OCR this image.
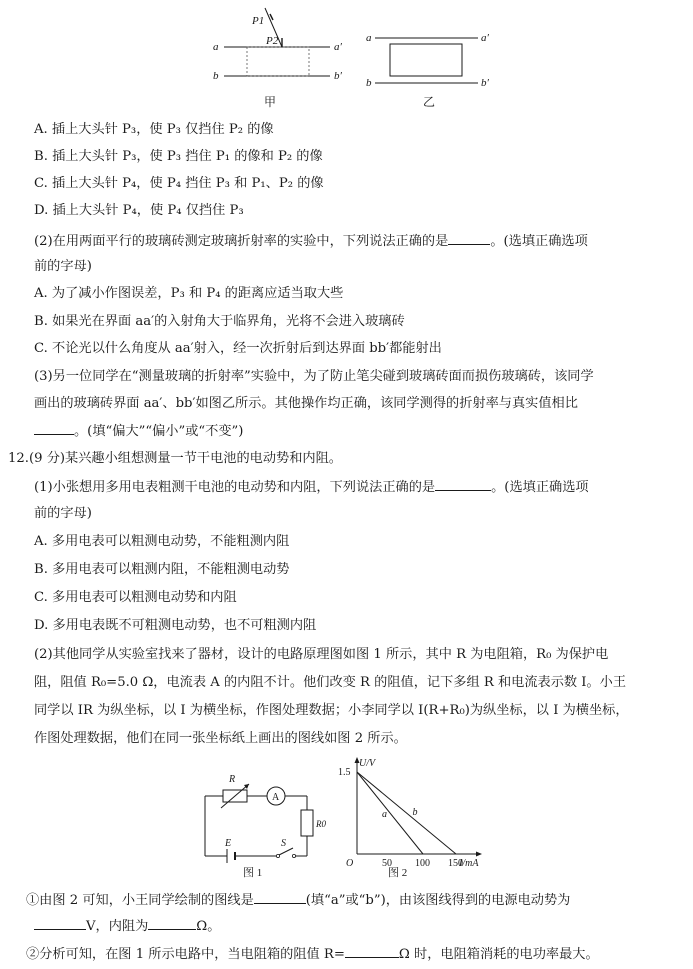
P1
P2
a	a′
b	b′
甲
a	a′
b	b′
乙
A. 插上大头针 P₃，使 P₃ 仅挡住 P₂ 的像
B. 插上大头针 P₃，使 P₃ 挡住 P₁ 的像和 P₂ 的像
C. 插上大头针 P₄，使 P₄ 挡住 P₃ 和 P₁、P₂ 的像
D. 插上大头针 P₄，使 P₄ 仅挡住 P₃
(2)在用两面平行的玻璃砖测定玻璃折射率的实验中，下列说法正确的是	。(选填正确选项
前的字母)
A. 为了减小作图误差，P₃ 和 P₄ 的距离应适当取大些
B. 如果光在界面 aa′的入射角大于临界角，光将不会进入玻璃砖
C. 不论光以什么角度从 aa′射入，经一次折射后到达界面 bb′都能射出
(3)另一位同学在“测量玻璃的折射率”实验中，为了防止笔尖碰到玻璃砖面而损伤玻璃砖，该同学
画出的玻璃砖界面 aa′、bb′如图乙所示。其他操作均正确，该同学测得的折射率与真实值相比
。(填“偏大”“偏小”或“不变”)
12.(9 分)某兴趣小组想测量一节干电池的电动势和内阻。
(1)小张想用多用电表粗测干电池的电动势和内阻，下列说法正确的是	。(选填正确选项
前的字母)
A. 多用电表可以粗测电动势，不能粗测内阻
B. 多用电表可以粗测内阻，不能粗测电动势
C. 多用电表可以粗测电动势和内阻
D. 多用电表既不可粗测电动势，也不可粗测内阻
(2)其他同学从实验室找来了器材，设计的电路原理图如图 1 所示，其中 R 为电阻箱，R₀ 为保护电
阻，阻值 R₀=5.0 Ω，电流表 A 的内阻不计。他们改变 R 的阻值，记下多组 R 和电流表示数 I。小王
同学以 IR 为纵坐标，以 I 为横坐标，作图处理数据；小李同学以 I(R+R₀)为纵坐标，以 I 为横坐标，
作图处理数据，他们在同一张坐标纸上画出的图线如图 2 所示。
R
A
R0
E	S
图 1
U/V
I/mA
O
图 2
50 100 150
1.5
a	b
①由图 2 可知，小王同学绘制的图线是	(填“a”或“b”)，由该图线得到的电源电动势为
V，内阻为	Ω。
②分析可知，在图 1 所示电路中，当电阻箱的阻值 R=	Ω 时，电阻箱消耗的电功率最大。
